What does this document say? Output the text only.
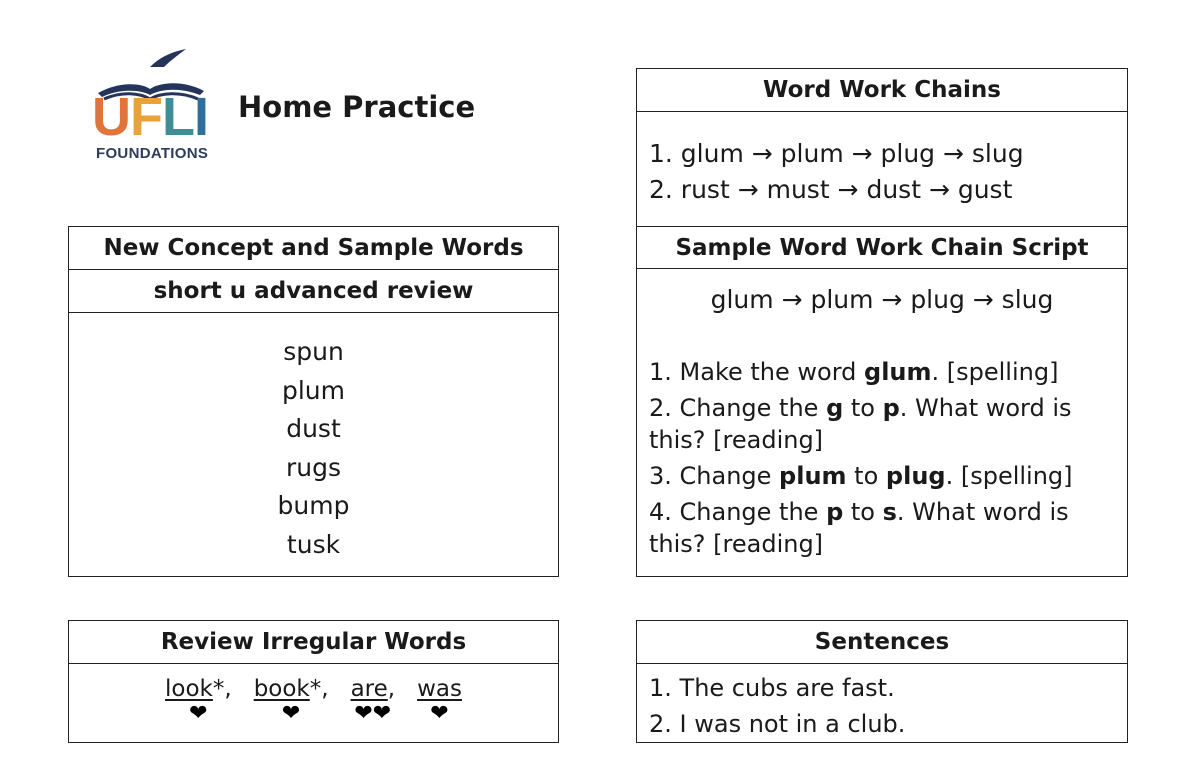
UFLI
FOUNDATIONS
Home Practice
New Concept and Sample Words
short u advanced review
spun
plum
dust
rugs
bump
tusk
Review Irregular Words
look*,
❤
book*,
❤
are,
❤❤
was
❤
Word Work Chains
1. glum → plum → plug → slug
2. rust → must → dust → gust
Sample Word Work Chain Script
glum → plum → plug → slug
1. Make the word glum. [spelling]
2. Change the g to p. What word is this? [reading]
3. Change plum to plug. [spelling]
4. Change the p to s. What word is this? [reading]
Sentences
1. The cubs are fast.
2. I was not in a club.
